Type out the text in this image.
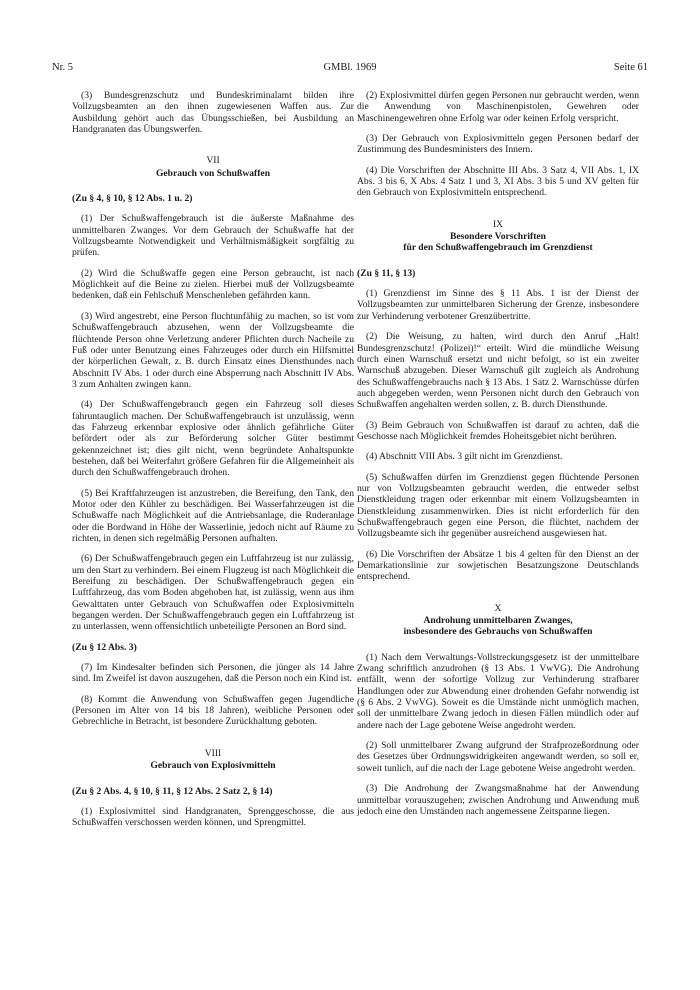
Nr. 5	GMBl. 1969	Seite 61

(3) Bundesgrenzschutz und Bundeskriminalamt bilden ihre Vollzugsbeamten an den ihnen zugewiesenen Waffen aus. Zur Ausbildung gehört auch das Übungsschießen, bei Ausbildung an Handgranaten das Übungswerfen.

VII
Gebrauch von Schußwaffen
(Zu § 4, § 10, § 12 Abs. 1 u. 2)

(1) Der Schußwaffengebrauch ist die äußerste Maßnahme des unmittelbaren Zwanges. Vor dem Gebrauch der Schußwaffe hat der Vollzugsbeamte Notwendigkeit und Verhältnismäßigkeit sorgfältig zu prüfen.

(2) Wird die Schußwaffe gegen eine Person gebraucht, ist nach Möglichkeit auf die Beine zu zielen. Hierbei muß der Vollzugsbeamte bedenken, daß ein Fehlschuß Menschenleben gefährden kann.

(3) Wird angestrebt, eine Person fluchtunfähig zu machen, so ist vom Schußwaffengebrauch abzusehen, wenn der Vollzugsbeamte die flüchtende Person ohne Verletzung anderer Pflichten durch Nacheile zu Fuß oder unter Benutzung eines Fahrzeuges oder durch ein Hilfsmittel der körperlichen Gewalt, z. B. durch Einsatz eines Diensthundes nach Abschnitt IV Abs. 1 oder durch eine Absperrung nach Abschnitt IV Abs. 3 zum Anhalten zwingen kann.

(4) Der Schußwaffengebrauch gegen ein Fahrzeug soll dieses fahruntauglich machen. Der Schußwaffengebrauch ist unzulässig, wenn das Fahrzeug erkennbar explosive oder ähnlich gefährliche Güter befördert oder als zur Beförderung solcher Güter bestimmt gekennzeichnet ist; dies gilt nicht, wenn begründete Anhaltspunkte bestehen, daß bei Weiterfahrt größere Gefahren für die Allgemeinheit als durch den Schußwaffengebrauch drohen.

(5) Bei Kraftfahrzeugen ist anzustreben, die Bereifung, den Tank, den Motor oder den Kühler zu beschädigen. Bei Wasserfahrzeugen ist die Schußwaffe nach Möglichkeit auf die Antriebsanlage, die Ruderanlage oder die Bordwand in Höhe der Wasserlinie, jedoch nicht auf Räume zu richten, in denen sich regelmäßig Personen aufhalten.

(6) Der Schußwaffengebrauch gegen ein Luftfahrzeug ist nur zulässig, um den Start zu verhindern. Bei einem Flugzeug ist nach Möglichkeit die Bereifung zu beschädigen. Der Schußwaffengebrauch gegen ein Luftfahrzeug, das vom Boden abgehoben hat, ist zulässig, wenn aus ihm Gewalttaten unter Gebrauch von Schußwaffen oder Explosivmitteln begangen werden. Der Schußwaffengebrauch gegen ein Luftfahrzeug ist zu unterlassen, wenn offensichtlich unbeteiligte Personen an Bord sind.

(Zu § 12 Abs. 3)

(7) Im Kindesalter befinden sich Personen, die jünger als 14 Jahre sind. Im Zweifel ist davon auszugehen, daß die Person noch ein Kind ist.

(8) Kommt die Anwendung von Schußwaffen gegen Jugendliche (Personen im Alter von 14 bis 18 Jahren), weibliche Personen oder Gebrechliche in Betracht, ist besondere Zurückhaltung geboten.

VIII
Gebrauch von Explosivmitteln
(Zu § 2 Abs. 4, § 10, § 11, § 12 Abs. 2 Satz 2, § 14)

(1) Explosivmittel sind Handgranaten, Sprenggeschosse, die aus Schußwaffen verschossen werden können, und Sprengmittel.

(2) Explosivmittel dürfen gegen Personen nur gebraucht werden, wenn die Anwendung von Maschinenpistolen, Gewehren oder Maschinengewehren ohne Erfolg war oder keinen Erfolg verspricht.

(3) Der Gebrauch von Explosivmitteln gegen Personen bedarf der Zustimmung des Bundesministers des Innern.

(4) Die Vorschriften der Abschnitte III Abs. 3 Satz 4, VII Abs. 1, IX Abs. 3 bis 6, X Abs. 4 Satz 1 und 3, XI Abs. 3 bis 5 und XV gelten für den Gebrauch von Explosivmitteln entsprechend.

IX
Besondere Vorschriften
für den Schußwaffengebrauch im Grenzdienst
(Zu § 11, § 13)

(1) Grenzdienst im Sinne des § 11 Abs. 1 ist der Dienst der Vollzugsbeamten zur unmittelbaren Sicherung der Grenze, insbesondere zur Verhinderung verbotener Grenzübertritte.

(2) Die Weisung, zu halten, wird durch den Anruf „Halt! Bundesgrenzschutz! (Polizei)!“ erteilt. Wird die mündliche Weisung durch einen Warnschuß ersetzt und nicht befolgt, so ist ein zweiter Warnschuß abzugeben. Dieser Warnschuß gilt zugleich als Androhung des Schußwaffengebrauchs nach § 13 Abs. 1 Satz 2. Warnschüsse dürfen auch abgegeben werden, wenn Personen nicht durch den Gebrauch von Schußwaffen angehalten werden sollen, z. B. durch Diensthunde.

(3) Beim Gebrauch von Schußwaffen ist darauf zu achten, daß die Geschosse nach Möglichkeit fremdes Hoheitsgebiet nicht berühren.

(4) Abschnitt VIII Abs. 3 gilt nicht im Grenzdienst.

(5) Schußwaffen dürfen im Grenzdienst gegen flüchtende Personen nur von Vollzugsbeamten gebraucht werden, die entweder selbst Dienstkleidung tragen oder erkennbar mit einem Vollzugsbeamten in Dienstkleidung zusammenwirken. Dies ist nicht erforderlich für den Schußwaffengebrauch gegen eine Person, die flüchtet, nachdem der Vollzugsbeamte sich ihr gegenüber ausreichend ausgewiesen hat.

(6) Die Vorschriften der Absätze 1 bis 4 gelten für den Dienst an der Demarkationslinie zur sowjetischen Besatzungszone Deutschlands entsprechend.

X
Androhung unmittelbaren Zwanges,
insbesondere des Gebrauchs von Schußwaffen

(1) Nach dem Verwaltungs-Vollstreckungsgesetz ist der unmittelbare Zwang schriftlich anzudrohen (§ 13 Abs. 1 VwVG). Die Androhung entfällt, wenn der sofortige Vollzug zur Verhinderung strafbarer Handlungen oder zur Abwendung einer drohenden Gefahr notwendig ist (§ 6 Abs. 2 VwVG). Soweit es die Umstände nicht unmöglich machen, soll der unmittelbare Zwang jedoch in diesen Fällen mündlich oder auf andere nach der Lage gebotene Weise angedroht werden.

(2) Soll unmittelbarer Zwang aufgrund der Strafprozeßordnung oder des Gesetzes über Ordnungswidrigkeiten angewandt werden, so soll er, soweit tunlich, auf die nach der Lage gebotene Weise angedroht werden.

(3) Die Androhung der Zwangsmaßnahme hat der Anwendung unmittelbar vorauszugehen; zwischen Androhung und Anwendung muß jedoch eine den Umständen nach angemessene Zeitspanne liegen.
